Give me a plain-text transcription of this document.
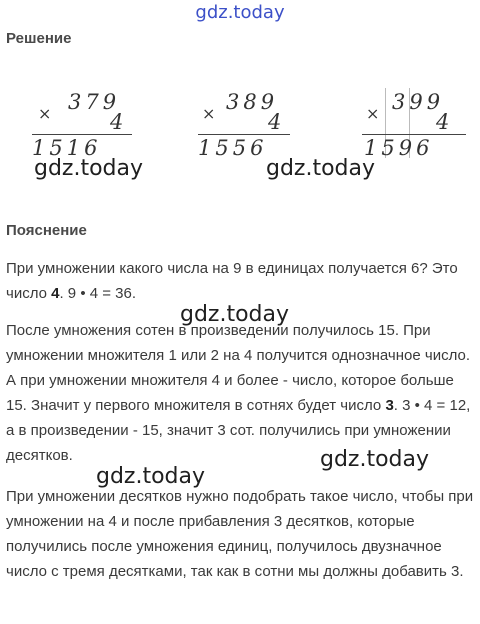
gdz.today
Решение
× 379
4
1516
× 389
4
1556
× 399
4
1596
gdz.today	gdz.today
Пояснение

При умножении какого числа на 9 в единицах получается 6? Это число 4. 9 • 4 = 36.

gdz.today

После умножения сотен в произведении получилось 15. При умножении множителя 1 или 2 на 4 получится однозначное число. А при умножении множителя 4 и более - число, которое больше 15. Значит у первого множителя в сотнях будет число 3. 3 • 4 = 12, а в произведении - 15, значит 3 сот. получились при умножении десятков.	gdz.today
gdz.today

При умножении десятков нужно подобрать такое число, чтобы при умножении на 4 и после прибавления 3 десятков, которые получились после умножения единиц, получилось двузначное число с тремя десятками, так как в сотни мы должны добавить 3.
